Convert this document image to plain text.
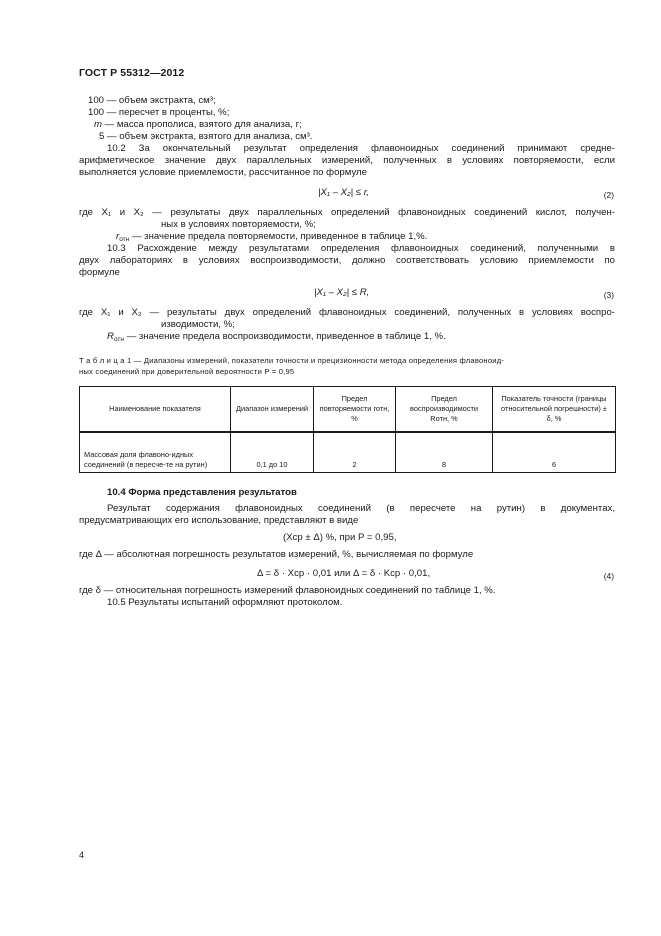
ГОСТ Р 55312—2012
100 — объем экстракта, см³;
100 — пересчет в проценты, %;
m — масса прополиса, взятого для анализа, г;
5 — объем экстракта, взятого для анализа, см³.
10.2 За окончательный результат определения флавоноидных соединений принимают средне-
арифметическое значение двух параллельных измерений, полученных в условиях повторяемости, если
выполняется условие приемлемости, рассчитанное по формуле
|X₁ – X₂| ≤ r,	(2)
где X₁ и X₂ — результаты двух параллельных определений флавоноидных соединений кислот, получен-
ных в условиях повторяемости, %;
$r_{отн}$ — значение предела повторяемости, приведенное в таблице 1,%.
10.3 Расхождение между результатами определения флавоноидных соединений, полученными в
двух лабораториях в условиях воспроизводимости, должно соответствовать условию приемлемости по
формуле
|X₁ – X₂| ≤ R,	(3)
где X₁ и X₂ — результаты двух определений флавоноидных соединений, полученных в условиях воспро-
изводимости, %;
$R_{отн}$ — значение предела воспроизводимости, приведенное в таблице 1, %.
Т а б л и ц а 1 — Диапазоны измерений, показатели точности и прецизионности метода определения флавоноид-
ных соединений при доверительной вероятности P = 0,95
Наименование показателя	Диапазон измерений	Предел повторяемости rотн, %	Предел воспроизводимости Rотн, %	Показатель точности (границы относительной погрешности) ± δ, %
Массовая доля флавоно-идных соединений (в пересче-те на рутин)	0,1 до 10	2	8	6
10.4 Форма представления результатов
Результат содержания флавоноидных соединений (в пересчете на рутин) в документах,
предусматривающих его использование, представляют в виде
(Xср ± Δ) %, при P = 0,95,
где Δ — абсолютная погрешность результатов измерений, %, вычисляемая по формуле
Δ = δ · Xср · 0,01 или Δ = δ · Kср · 0,01,	(4)
где δ — относительная погрешность измерений флавоноидных соединений по таблице 1, %.
10.5 Результаты испытаний оформляют протоколом.
4
